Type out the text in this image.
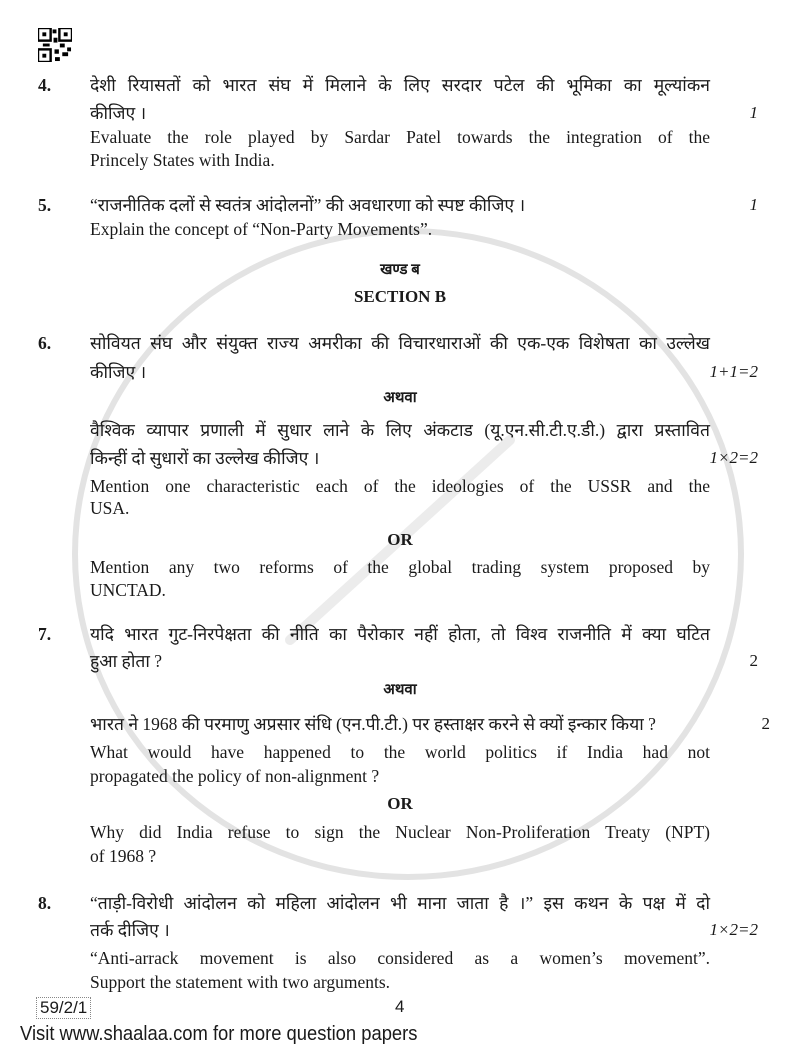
4. देशी रियासतों को भारत संघ में मिलाने के लिए सरदार पटेल की भूमिका का मूल्यांकन
कीजिए ।	1
Evaluate the role played by Sardar Patel towards the integration of the
Princely States with India.
5. “राजनीतिक दलों से स्वतंत्र आंदोलनों” की अवधारणा को स्पष्ट कीजिए ।	1
Explain the concept of “Non-Party Movements”.
खण्ड ब
SECTION B
6. सोवियत संघ और संयुक्त राज्य अमरीका की विचारधाराओं की एक-एक विशेषता का उल्लेख
कीजिए ।	1+1=2
अथवा
वैश्विक व्यापार प्रणाली में सुधार लाने के लिए अंकटाड (यू.एन.सी.टी.ए.डी.) द्वारा प्रस्तावित
किन्हीं दो सुधारों का उल्लेख कीजिए ।	1×2=2
Mention one characteristic each of the ideologies of the USSR and the
USA.
OR
Mention any two reforms of the global trading system proposed by
UNCTAD.
7. यदि भारत गुट-निरपेक्षता की नीति का पैरोकार नहीं होता, तो विश्व राजनीति में क्या घटित
हुआ होता ?	2
अथवा
भारत ने 1968 की परमाणु अप्रसार संधि (एन.पी.टी.) पर हस्ताक्षर करने से क्यों इन्कार किया ?	2
What would have happened to the world politics if India had not
propagated the policy of non-alignment ?
OR
Why did India refuse to sign the Nuclear Non-Proliferation Treaty (NPT)
of 1968 ?
8. “ताड़ी-विरोधी आंदोलन को महिला आंदोलन भी माना जाता है ।” इस कथन के पक्ष में दो
तर्क दीजिए ।	1×2=2
“Anti-arrack movement is also considered as a women’s movement”.
Support the statement with two arguments.
59/2/1	4
Visit www.shaalaa.com for more question papers
